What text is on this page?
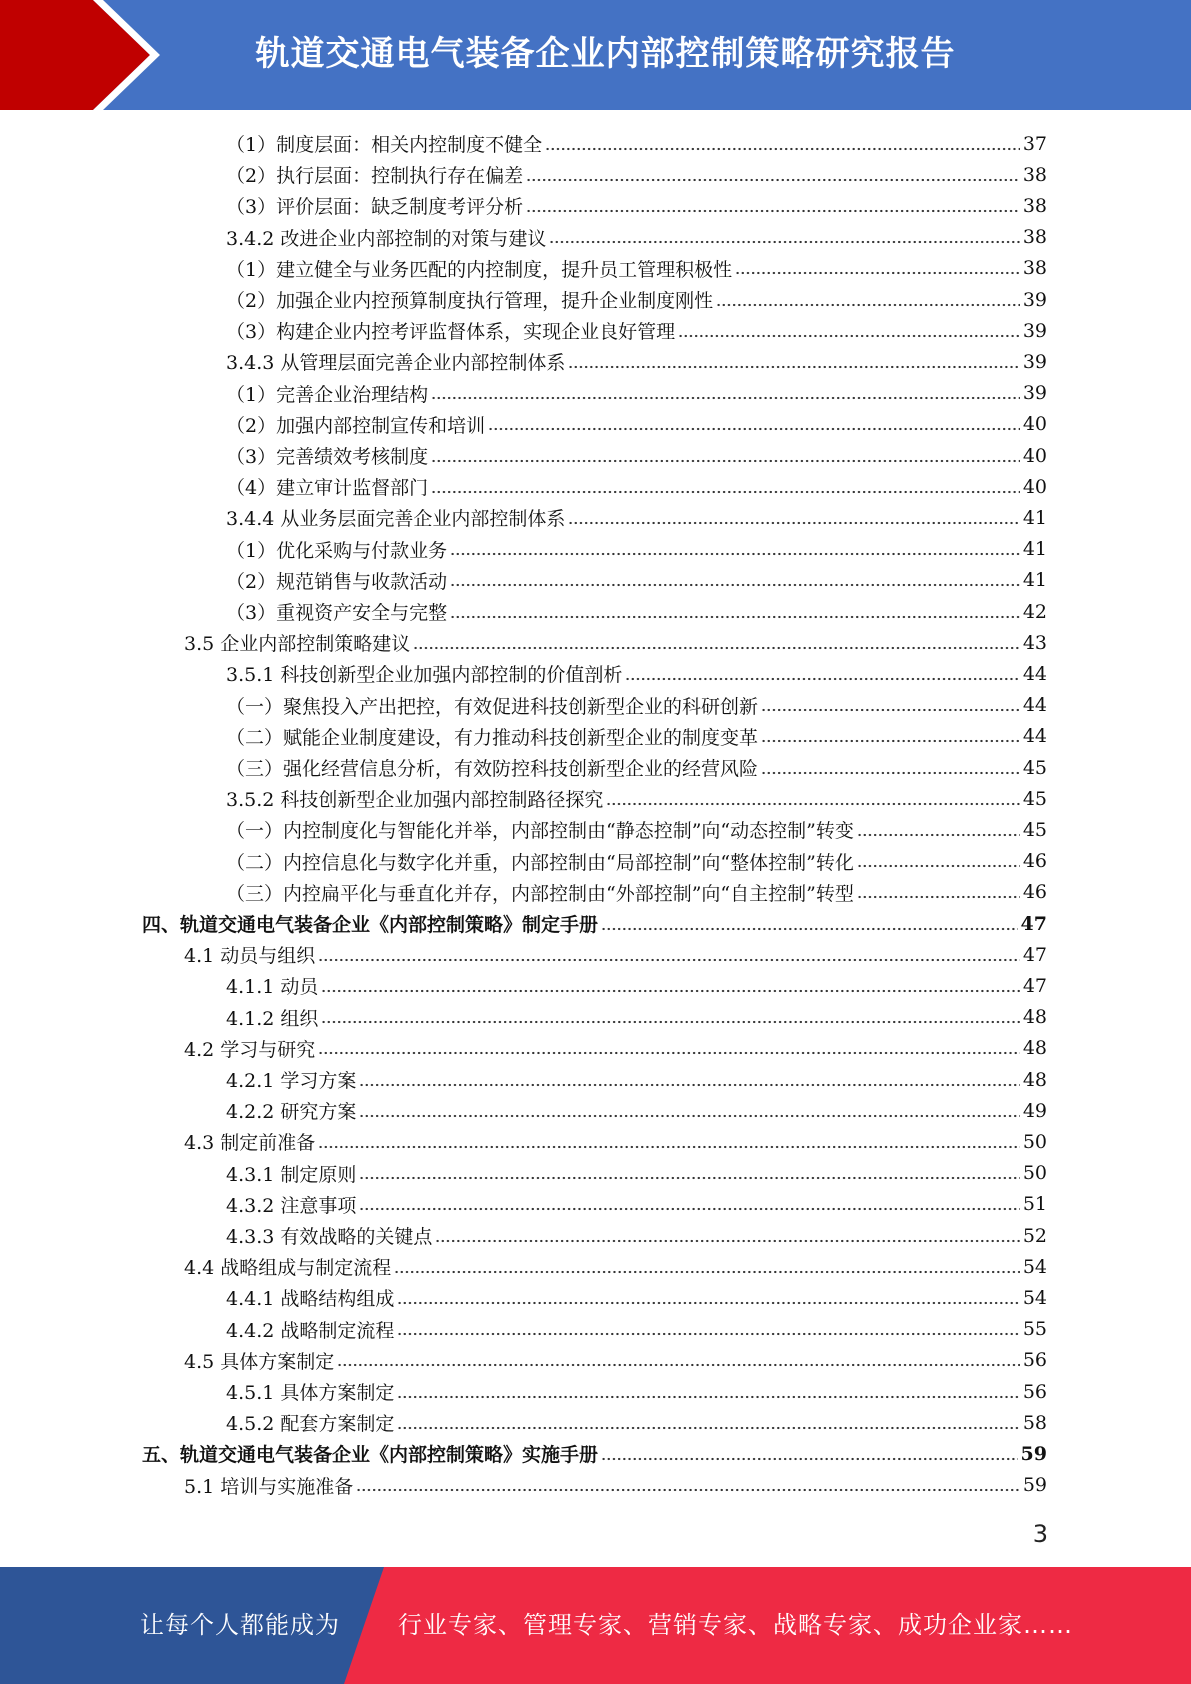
轨道交通电气装备企业内部控制策略研究报告
（1）制度层面：相关内控制度不健全	37
（2）执行层面：控制执行存在偏差	38
（3）评价层面：缺乏制度考评分析	38
3.4.2 改进企业内部控制的对策与建议	38
（1）建立健全与业务匹配的内控制度，提升员工管理积极性	38
（2）加强企业内控预算制度执行管理，提升企业制度刚性	39
（3）构建企业内控考评监督体系，实现企业良好管理	39
3.4.3 从管理层面完善企业内部控制体系	39
（1）完善企业治理结构	39
（2）加强内部控制宣传和培训	40
（3）完善绩效考核制度	40
（4）建立审计监督部门	40
3.4.4 从业务层面完善企业内部控制体系	41
（1）优化采购与付款业务	41
（2）规范销售与收款活动	41
（3）重视资产安全与完整	42
3.5 企业内部控制策略建议	43
3.5.1 科技创新型企业加强内部控制的价值剖析	44
（一）聚焦投入产出把控，有效促进科技创新型企业的科研创新	44
（二）赋能企业制度建设，有力推动科技创新型企业的制度变革	44
（三）强化经营信息分析，有效防控科技创新型企业的经营风险	45
3.5.2 科技创新型企业加强内部控制路径探究	45
（一）内控制度化与智能化并举，内部控制由“静态控制”向“动态控制”转变	45
（二）内控信息化与数字化并重，内部控制由“局部控制”向“整体控制”转化	46
（三）内控扁平化与垂直化并存，内部控制由“外部控制”向“自主控制”转型	46
四、轨道交通电气装备企业《内部控制策略》制定手册	47
4.1 动员与组织	47
4.1.1 动员	47
4.1.2 组织	48
4.2 学习与研究	48
4.2.1 学习方案	48
4.2.2 研究方案	49
4.3 制定前准备	50
4.3.1 制定原则	50
4.3.2 注意事项	51
4.3.3 有效战略的关键点	52
4.4 战略组成与制定流程	54
4.4.1 战略结构组成	54
4.4.2 战略制定流程	55
4.5 具体方案制定	56
4.5.1 具体方案制定	56
4.5.2 配套方案制定	58
五、轨道交通电气装备企业《内部控制策略》实施手册	59
5.1 培训与实施准备	59
3
让每个人都能成为 行业专家、管理专家、营销专家、战略专家、成功企业家……
